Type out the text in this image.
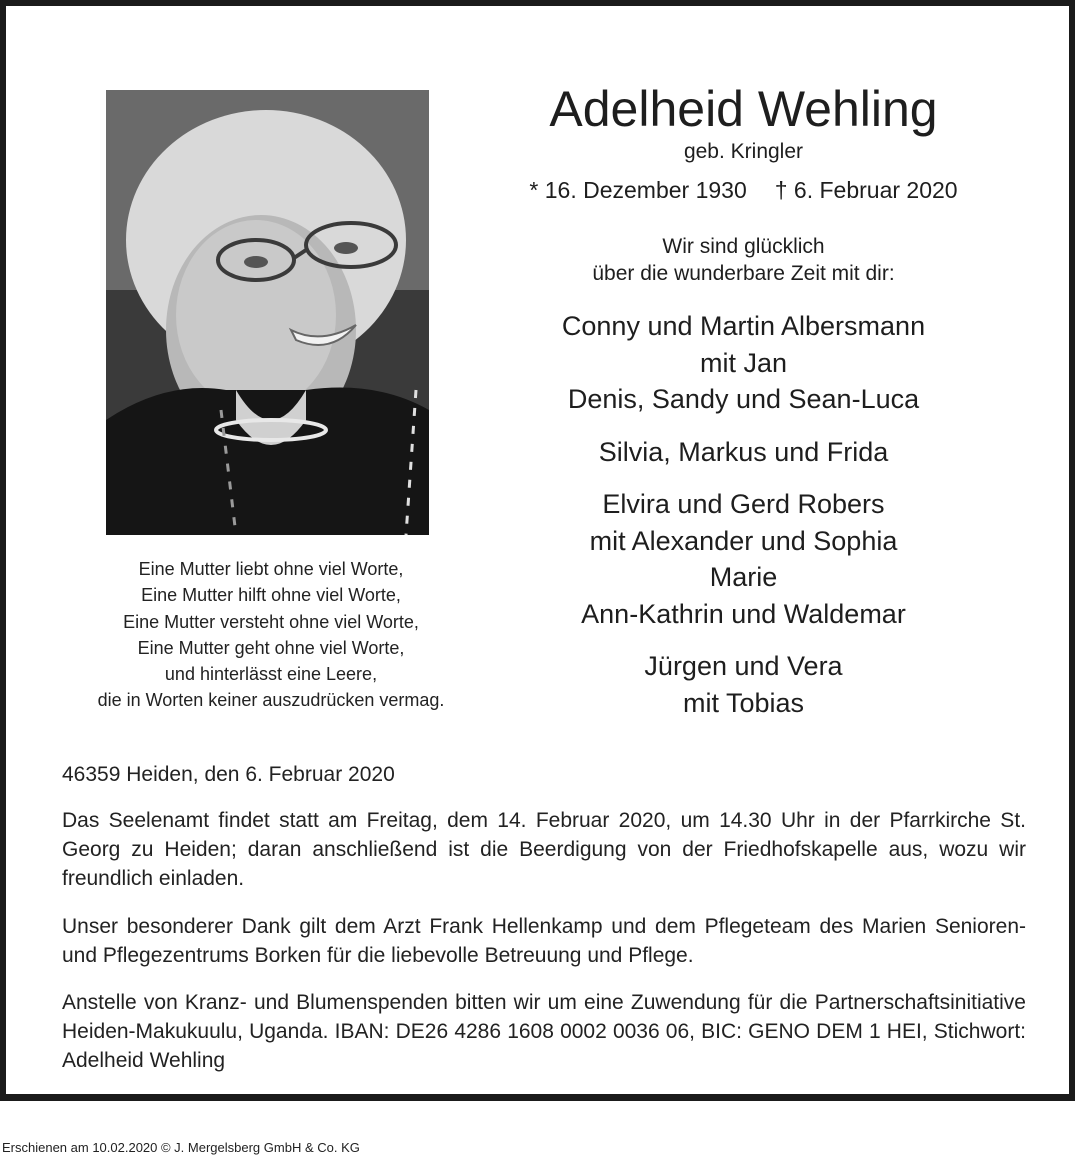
Eine Mutter liebt ohne viel Worte,
Eine Mutter hilft ohne viel Worte,
Eine Mutter versteht ohne viel Worte,
Eine Mutter geht ohne viel Worte,
und hinterlässt eine Leere,
die in Worten keiner auszudrücken vermag.
Adelheid Wehling
geb. Kringler
* 16. Dezember 1930 † 6. Februar 2020
Wir sind glücklich
über die wunderbare Zeit mit dir:
Conny und Martin Albersmann
mit Jan
Denis, Sandy und Sean-Luca
Silvia, Markus und Frida
Elvira und Gerd Robers
mit Alexander und Sophia
Marie
Ann-Kathrin und Waldemar
Jürgen und Vera
mit Tobias
46359 Heiden, den 6. Februar 2020
Das Seelenamt findet statt am Freitag, dem 14. Februar 2020, um 14.30 Uhr in der Pfarrkirche St. Georg zu Heiden; daran anschließend ist die Beerdigung von der Friedhofskapelle aus, wozu wir freundlich einladen.
Unser besonderer Dank gilt dem Arzt Frank Hellenkamp und dem Pflegeteam des Marien Senioren- und Pflegezentrums Borken für die liebevolle Betreuung und Pflege.
Anstelle von Kranz- und Blumenspenden bitten wir um eine Zuwendung für die Partnerschaftsinitiative Heiden-Makukuulu, Uganda. IBAN: DE26 4286 1608 0002 0036 06, BIC: GENO DEM 1 HEI, Stichwort: Adelheid Wehling
Erschienen am 10.02.2020 © J. Mergelsberg GmbH & Co. KG
